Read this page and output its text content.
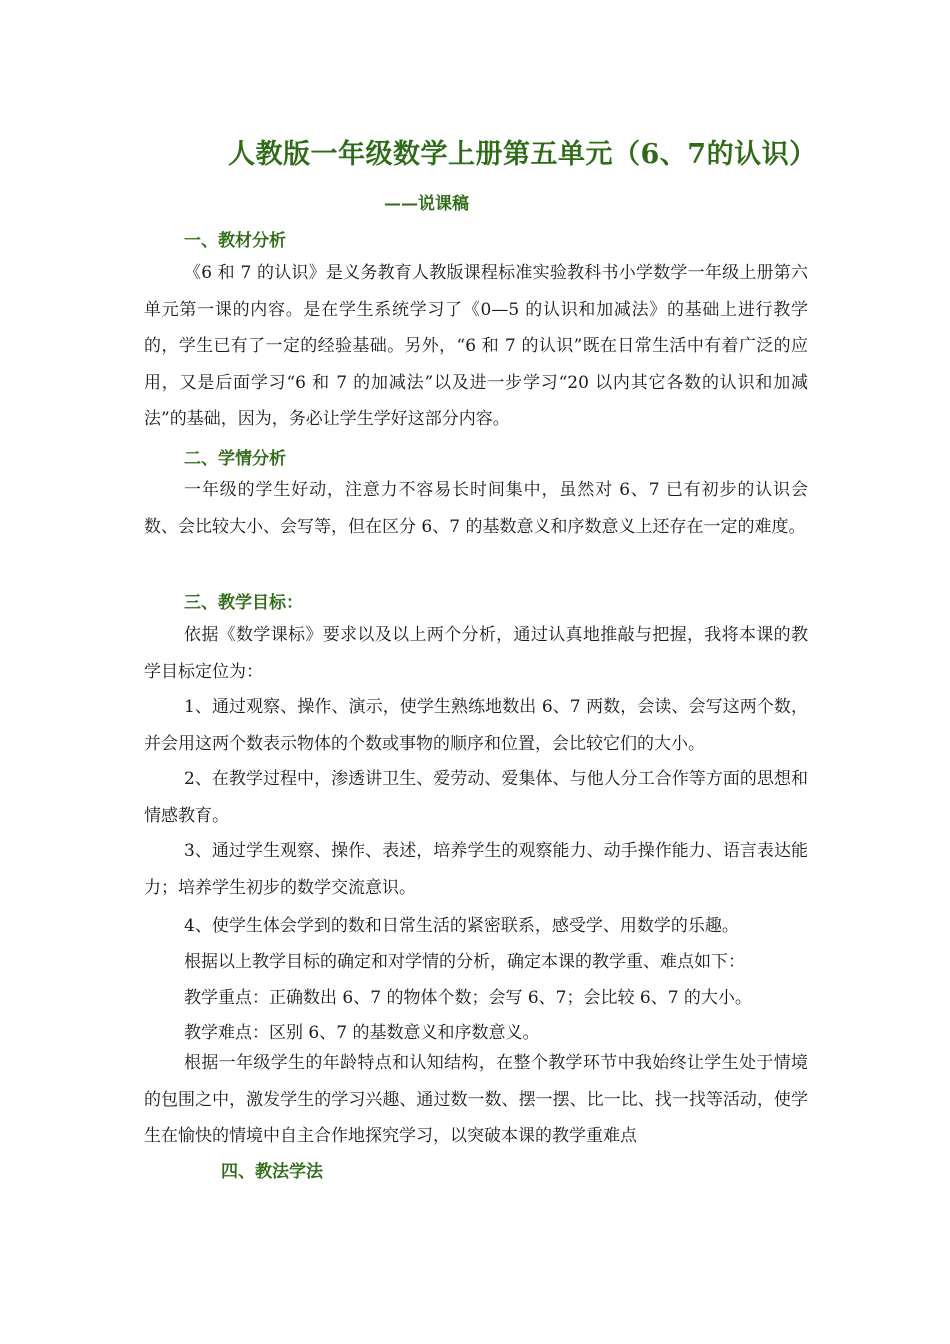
人教版一年级数学上册第五单元（6、7的认识）
——说课稿
一、教材分析
《6 和 7 的认识》是义务教育人教版课程标准实验教科书小学数学一年级上册第六单元第一课的内容。是在学生系统学习了《0—5 的认识和加减法》的基础上进行教学的，学生已有了一定的经验基础。另外，“6 和 7 的认识”既在日常生活中有着广泛的应用，又是后面学习“6 和 7 的加减法”以及进一步学习“20 以内其它各数的认识和加减法”的基础，因为，务必让学生学好这部分内容。
二、学情分析
一年级的学生好动，注意力不容易长时间集中，虽然对 6、7 已有初步的认识会数、会比较大小、会写等，但在区分 6、7 的基数意义和序数意义上还存在一定的难度。
三、教学目标：
依据《数学课标》要求以及以上两个分析，通过认真地推敲与把握，我将本课的教学目标定位为：
1、通过观察、操作、演示，使学生熟练地数出 6、7 两数，会读、会写这两个数，并会用这两个数表示物体的个数或事物的顺序和位置，会比较它们的大小。
2、在教学过程中，渗透讲卫生、爱劳动、爱集体、与他人分工合作等方面的思想和情感教育。
3、通过学生观察、操作、表述，培养学生的观察能力、动手操作能力、语言表达能力；培养学生初步的数学交流意识。
4、使学生体会学到的数和日常生活的紧密联系，感受学、用数学的乐趣。
根据以上教学目标的确定和对学情的分析，确定本课的教学重、难点如下：
教学重点：正确数出 6、7 的物体个数；会写 6、7；会比较 6、7 的大小。
教学难点：区别 6、7 的基数意义和序数意义。
根据一年级学生的年龄特点和认知结构，在整个教学环节中我始终让学生处于情境的包围之中，激发学生的学习兴趣、通过数一数、摆一摆、比一比、找一找等活动，使学生在愉快的情境中自主合作地探究学习，以突破本课的教学重难点
四、教法学法
